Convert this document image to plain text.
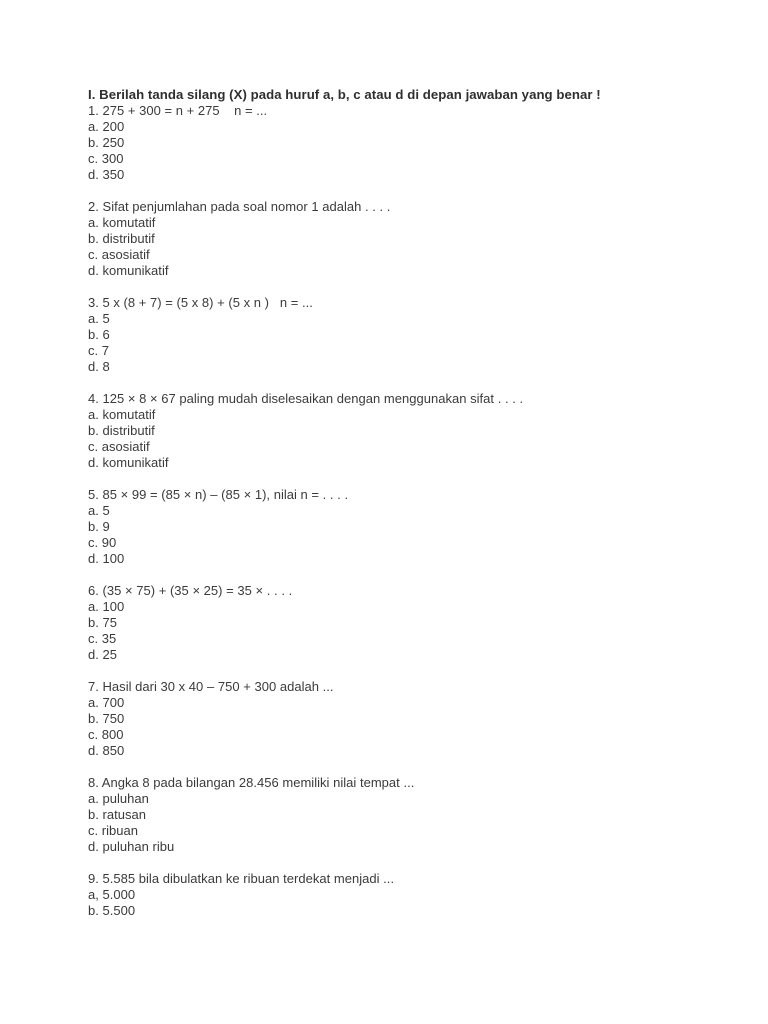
I. Berilah tanda silang (X) pada huruf a, b, c atau d di depan jawaban yang benar !
1. 275 + 300 = n + 275    n = ...
a. 200
b. 250
c. 300
d. 350
2. Sifat penjumlahan pada soal nomor 1 adalah . . . .
a. komutatif
b. distributif
c. asosiatif
d. komunikatif
3. 5 x (8 + 7) = (5 x 8) + (5 x n )   n = ...
a. 5
b. 6
c. 7
d. 8
4. 125 × 8 × 67 paling mudah diselesaikan dengan menggunakan sifat . . . .
a. komutatif
b. distributif
c. asosiatif
d. komunikatif
5. 85 × 99 = (85 × n) – (85 × 1), nilai n = . . . .
a. 5
b. 9
c. 90
d. 100
6. (35 × 75) + (35 × 25) = 35 × . . . .
a. 100
b. 75
c. 35
d. 25
7. Hasil dari 30 x 40 – 750 + 300 adalah ...
a. 700
b. 750
c. 800
d. 850
8. Angka 8 pada bilangan 28.456 memiliki nilai tempat ...
a. puluhan
b. ratusan
c. ribuan
d. puluhan ribu
9. 5.585 bila dibulatkan ke ribuan terdekat menjadi ...
a, 5.000
b. 5.500
